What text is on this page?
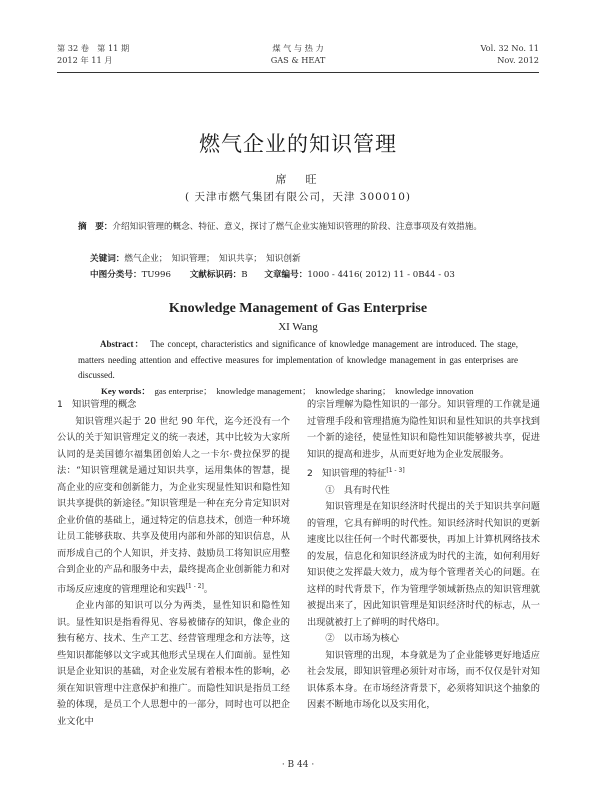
第 32 卷　第 11 期
2012 年 11 月
煤 气 与 热 力
GAS & HEAT
Vol. 32 No. 11
Nov. 2012
燃气企业的知识管理
席　旺
( 天津市燃气集团有限公司，天津 300010)
摘　要：介绍知识管理的概念、特征、意义，探讨了燃气企业实施知识管理的阶段、注意事项及有效措施。
关键词：燃气企业；　知识管理；　知识共享；　知识创新
中图分类号：TU996 文献标识码：B 文章编号：1000 - 4416( 2012) 11 - 0B44 - 03
Knowledge Management of Gas Enterprise
XI Wang
Abstract：　 The concept, characteristics and significance of knowledge management are introduced. The stage, matters needing attention and effective measures for implementation of knowledge management in gas enterprises are discussed.
Key words：　 gas enterprise；　knowledge management；　knowledge sharing；　knowledge innovation

1　知识管理的概念

知识管理兴起于 20 世纪 90 年代，迄今还没有一个公认的关于知识管理定义的统一表述，其中比较为大家所认同的是美国德尔福集团创始人之一卡尔·费拉保罗的提法：“知识管理就是通过知识共享，运用集体的智慧，提高企业的应变和创新能力，为企业实现显性知识和隐性知识共享提供的新途径。”知识管理是一种在充分肯定知识对企业价值的基础上，通过特定的信息技术，创造一种环境让员工能够获取、共享及使用内部和外部的知识信息，从而形成自己的个人知识，并支持、鼓励员工将知识应用整合到企业的产品和服务中去，最终提高企业创新能力和对市场反应速度的管理理论和实践[1 - 2]。

企业内部的知识可以分为两类，显性知识和隐性知识。显性知识是指看得见、容易被储存的知识，像企业的独有秘方、技术、生产工艺、经营管理理念和方法等，这些知识都能够以文字或其他形式呈现在人们面前。显性知识是企业知识的基础，对企业发展有着根本性的影响，必须在知识管理中注意保护和推广。而隐性知识是指员工经验的体现，是员工个人思想中的一部分，同时也可以把企业文化中

的宗旨理解为隐性知识的一部分。知识管理的工作就是通过管理手段和管理措施为隐性知识和显性知识的共享找到一个新的途径，使显性知识和隐性知识能够被共享，促进知识的提高和进步，从而更好地为企业发展服务。

2　知识管理的特征[1 - 3]

①　具有时代性

知识管理是在知识经济时代提出的关于知识共享问题的管理，它具有鲜明的时代性。知识经济时代知识的更新速度比以往任何一个时代都要快，再加上计算机网络技术的发展，信息化和知识经济成为时代的主流，如何利用好知识使之发挥最大效力，成为每个管理者关心的问题。在这样的时代背景下，作为管理学领域新热点的知识管理就被提出来了，因此知识管理是知识经济时代的标志，从一出现就被打上了鲜明的时代烙印。

②　以市场为核心

知识管理的出现，本身就是为了企业能够更好地适应社会发展，即知识管理必须针对市场，而不仅仅是针对知识体系本身。在市场经济背景下，必须将知识这个抽象的因素不断地市场化以及实用化，

· B 44 ·
